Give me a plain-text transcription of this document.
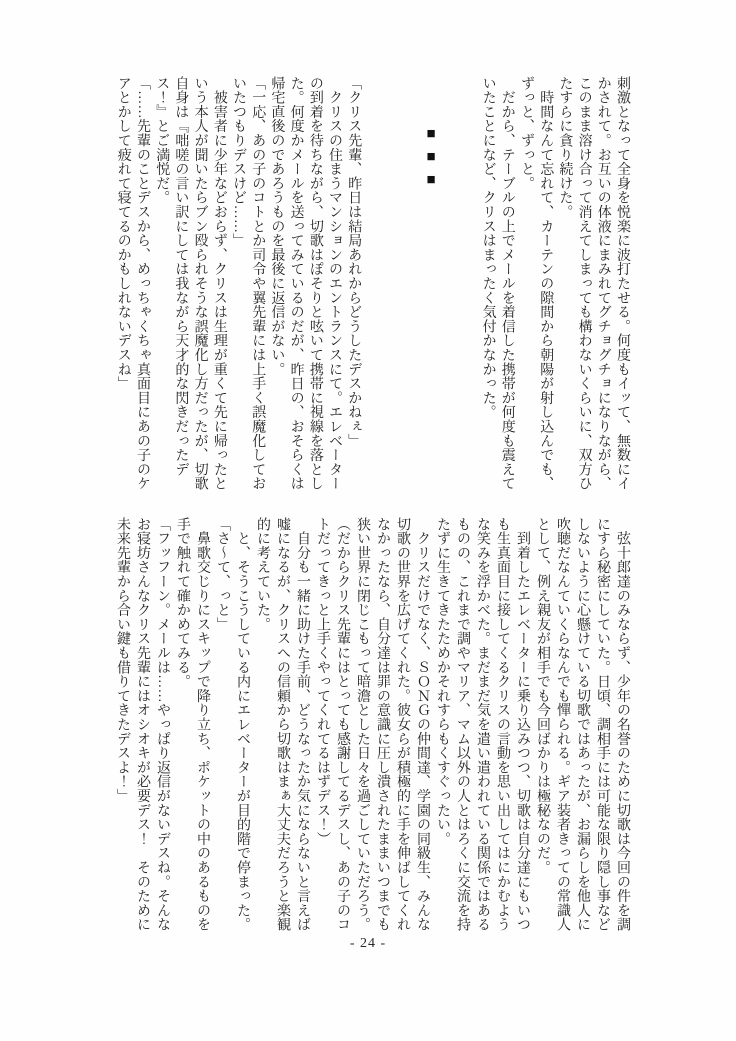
刺激となって全身を悦楽に波打たせる。何度もイッて、無数にイ
かされて。お互いの体液にまみれてグチョグチョになりながら、
このまま溶け合って消えてしまっても構わないくらいに、双方ひ
たすらに貪り続けた。
　時間なんて忘れて、カーテンの隙間から朝陽が射し込んでも、
ずっと、ずっと。
　だから、テーブルの上でメールを着信した携帯が何度も震えて
いたことになど、クリスはまったく気付かなかった。
■■■
「クリス先輩、昨日は結局あれからどうしたデスかねぇ」
　クリスの住まうマンションのエントランスにて。エレベーター
の到着を待ちながら、切歌はぽそりと呟いて携帯に視線を落とし
た。何度かメールを送ってみているのだが、昨日の、おそらくは
帰宅直後のであろうものを最後に返信がない。
「一応、あの子のコトとか司令や翼先輩には上手く誤魔化してお
いたつもりデスけど……」
　被害者に少年などおらず、クリスは生理が重くて先に帰ったと
いう本人が聞いたらブン殴られそうな誤魔化し方だったが、切歌
自身は『咄嗟の言い訳にしては我ながら天才的な閃きだったデ
ス！』とご満悦だ。
「……先輩のことデスから、めっちゃくちゃ真面目にあの子のケ
アとかして疲れて寝てるのかもしれないデスね」
　弦十郎達のみならず、少年の名誉のために切歌は今回の件を調
にすら秘密にしていた。日頃、調相手には可能な限り隠し事など
しないように心懸けている切歌ではあったが、お漏らしを他人に
吹聴だなんていくらなんでも憚られる。ギア装者きっての常識人
として、例え親友が相手でも今回ばかりは極秘なのだ。
　到着したエレベーターに乗り込みつつ、切歌は自分達にもいつ
も生真面目に接してくるクリスの言動を思い出してはにかむよう
な笑みを浮かべた。まだまだ気を遣い遣われている関係ではある
ものの、これまで調やマリア、マム以外の人とはろくに交流を持
たずに生きてきたためかそれすらもくすぐったい。
　クリスだけでなく、ＳＯＮＧの仲間達、学園の同級生、みんな
切歌の世界を広げてくれた。彼女らが積極的に手を伸ばしてくれ
なかったなら、自分達は罪の意識に圧し潰されたままいつまでも
狭い世界に閉じこもって暗澹とした日々を過ごしていただろう。
（だからクリス先輩にはとっても感謝してるデスし、あの子のコ
トだってきっと上手くやってくれてるはずデス！）
　自分も一緒に助けた手前、どうなったか気にならないと言えば
嘘になるが、クリスへの信頼から切歌はまぁ大丈夫だろうと楽観
的に考えていた。
　と、そうこうしている内にエレベーターが目的階で停まった。
「さ～て、っと」
　鼻歌交じりにスキップで降り立ち、ポケットの中のあるものを
手で触れて確かめてみる。
「フッフーン。メールは……やっぱり返信がないデスね。そんな
お寝坊さんなクリス先輩にはオシオキが必要デス！　そのために
未来先輩から合い鍵も借りてきたデスよ！」
- 24 -
